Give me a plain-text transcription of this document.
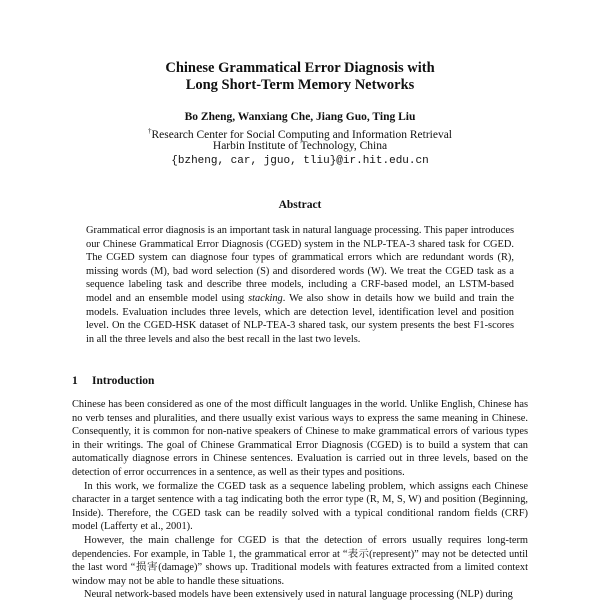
Chinese Grammatical Error Diagnosis with
Long Short-Term Memory Networks
Bo Zheng, Wanxiang Che, Jiang Guo, Ting Liu
†Research Center for Social Computing and Information Retrieval
Harbin Institute of Technology, China
{bzheng, car, jguo, tliu}@ir.hit.edu.cn
Abstract
Grammatical error diagnosis is an important task in natural language processing. This paper introduces our Chinese Grammatical Error Diagnosis (CGED) system in the NLP-TEA-3 shared task for CGED. The CGED system can diagnose four types of grammatical errors which are redundant words (R), missing words (M), bad word selection (S) and disordered words (W). We treat the CGED task as a sequence labeling task and describe three models, including a CRF-based model, an LSTM-based model and an ensemble model using stacking. We also show in details how we build and train the models. Evaluation includes three levels, which are detection level, identification level and position level. On the CGED-HSK dataset of NLP-TEA-3 shared task, our system presents the best F1-scores in all the three levels and also the best recall in the last two levels.
1 Introduction

Chinese has been considered as one of the most difficult languages in the world. Unlike English, Chinese has no verb tenses and pluralities, and there usually exist various ways to express the same meaning in Chinese. Consequently, it is common for non-native speakers of Chinese to make grammatical errors of various types in their writings. The goal of Chinese Grammatical Error Diagnosis (CGED) is to build a system that can automatically diagnose errors in Chinese sentences. Evaluation is carried out in three levels, based on the detection of error occurrences in a sentence, as well as their types and positions.

In this work, we formalize the CGED task as a sequence labeling problem, which assigns each Chinese character in a target sentence with a tag indicating both the error type (R, M, S, W) and position (Beginning, Inside). Therefore, the CGED task can be readily solved with a typical conditional random fields (CRF) model (Lafferty et al., 2001).

However, the main challenge for CGED is that the detection of errors usually requires long-term dependencies. For example, in Table 1, the grammatical error at “表示(represent)” may not be detected until the last word “损害(damage)” shows up. Traditional models with features extracted from a limited context window may not be able to handle these situations.

Neural network-based models have been extensively used in natural language processing (NLP) during
